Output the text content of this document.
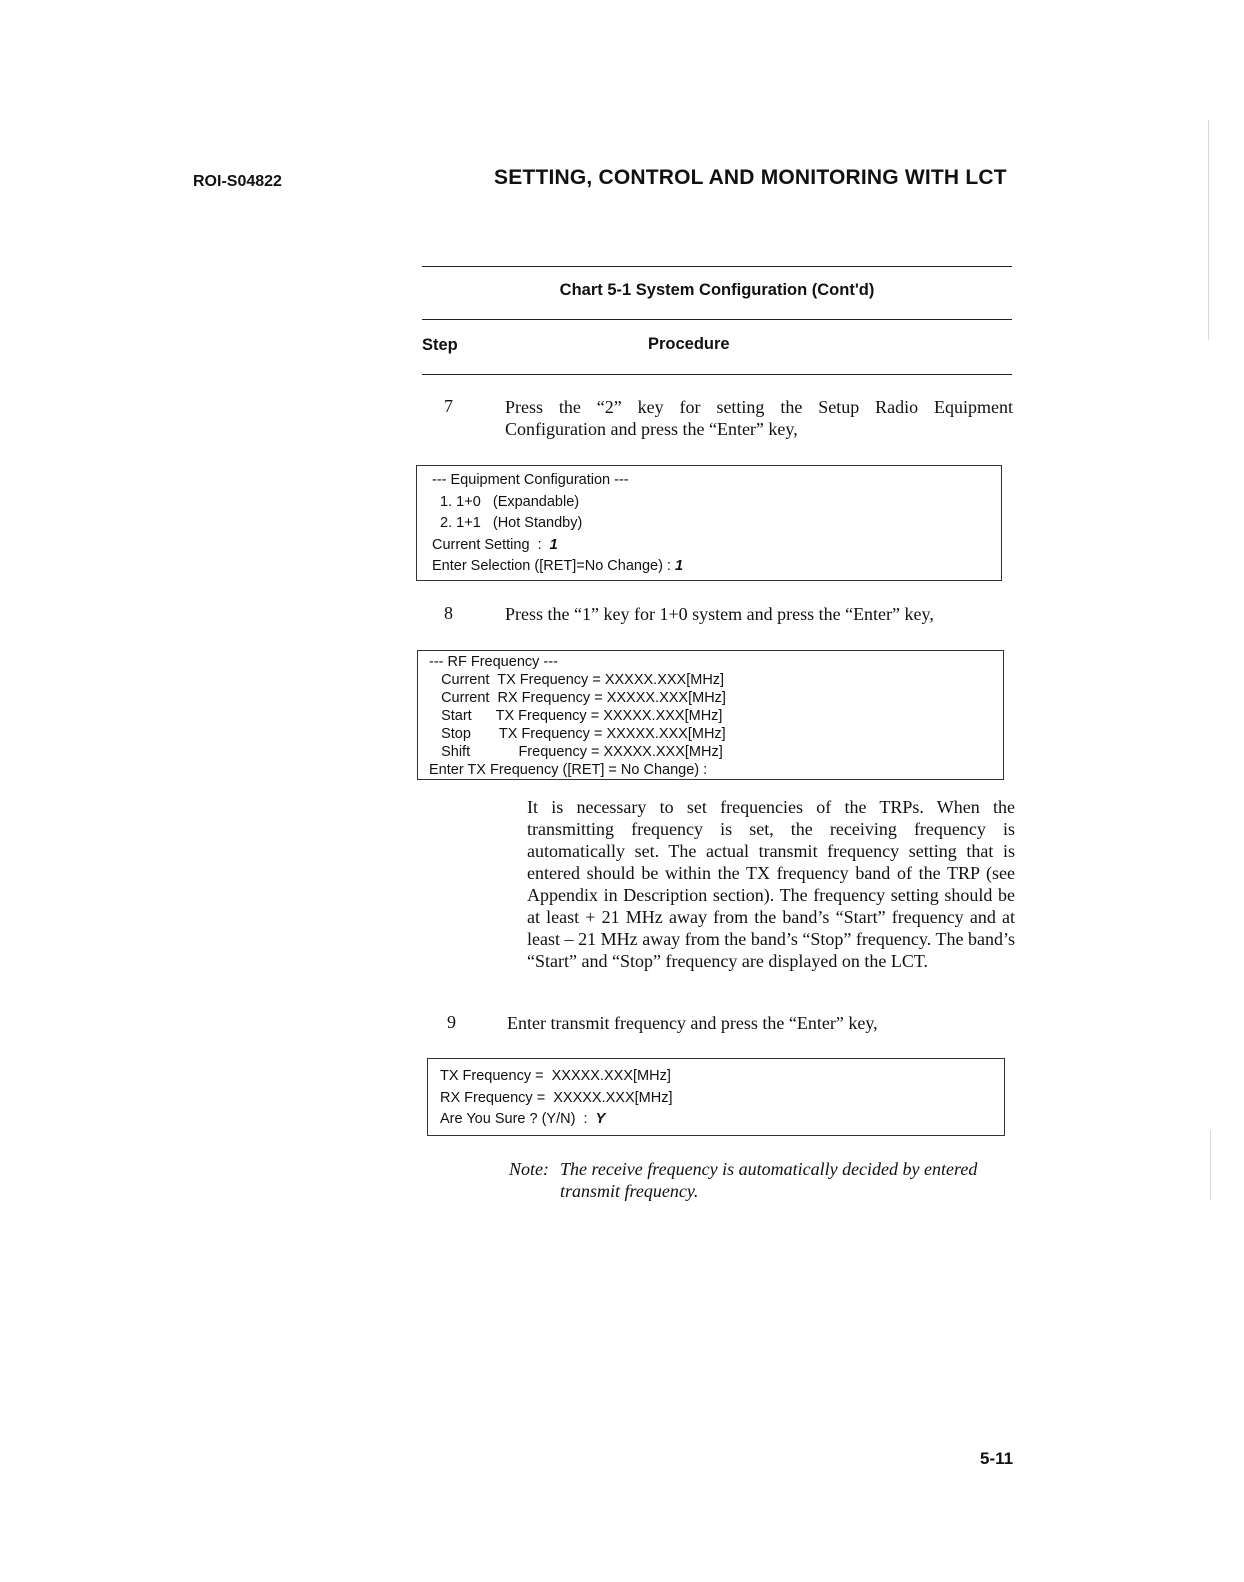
ROI-S04822	SETTING, CONTROL AND MONITORING WITH LCT
Chart 5-1 System Configuration (Cont'd)
Step	Procedure
7	Press the “2” key for setting the Setup Radio Equipment Configuration and press the “Enter” key,
--- Equipment Configuration ---
1. 1+0   (Expandable)
2. 1+1   (Hot Standby)
Current Setting  :  1
Enter Selection ([RET]=No Change) : 1
8	Press the “1” key for 1+0 system and press the “Enter” key,
--- RF Frequency ---
Current  TX Frequency = XXXXX.XXX[MHz]
Current  RX Frequency = XXXXX.XXX[MHz]
Start      TX Frequency = XXXXX.XXX[MHz]
Stop       TX Frequency = XXXXX.XXX[MHz]
Shift            Frequency = XXXXX.XXX[MHz]
Enter TX Frequency ([RET] = No Change) :
It is necessary to set frequencies of the TRPs. When the transmitting frequency is set, the receiving frequency is automatically set. The actual transmit frequency setting that is entered should be within the TX frequency band of the TRP (see Appendix in Description section). The frequency setting should be at least + 21 MHz away from the band’s “Start” frequency and at least – 21 MHz away from the band’s “Stop” frequency. The band’s “Start” and “Stop” frequency are displayed on the LCT.
9	Enter transmit frequency and press the “Enter” key,
TX Frequency =  XXXXX.XXX[MHz]
RX Frequency =  XXXXX.XXX[MHz]
Are You Sure ? (Y/N)  :  Y
Note: The receive frequency is automatically decided by entered
transmit frequency.
5-11
